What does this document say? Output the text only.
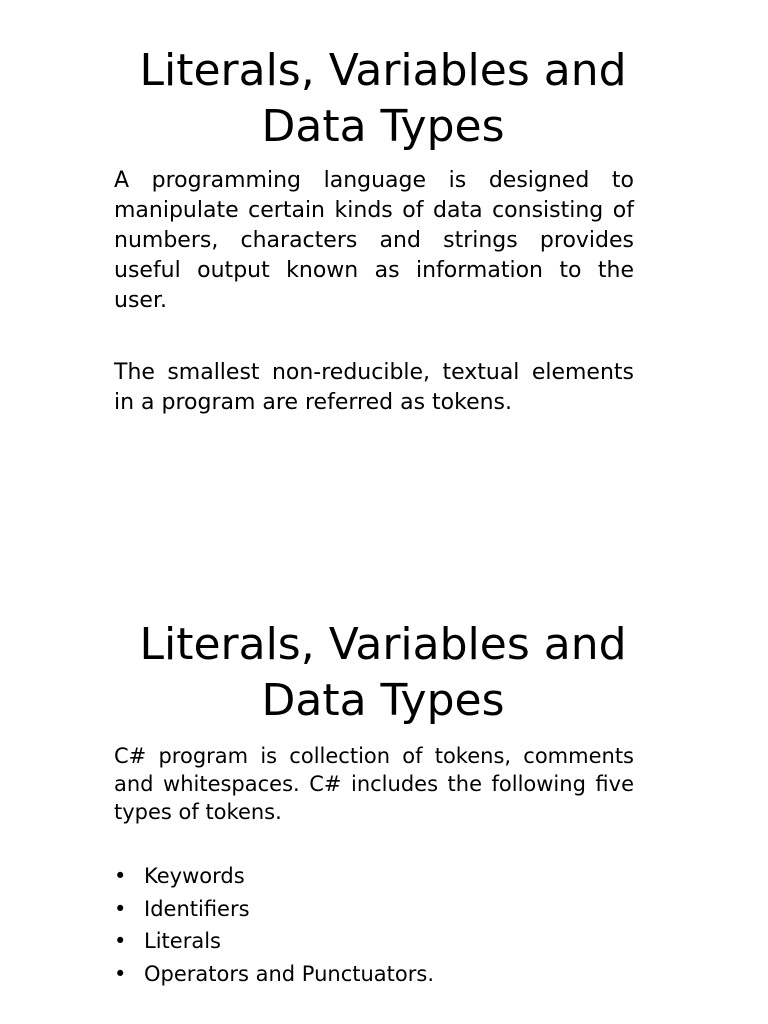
Literals, Variables and Data Types

A programming language is designed to manipulate certain kinds of data consisting of numbers, characters and strings provides useful output known as information to the user.

The smallest non-reducible, textual elements in a program are referred as tokens.

Literals, Variables and Data Types

C# program is collection of tokens, comments and whitespaces. C# includes the following five types of tokens.

• Keywords
• Identifiers
• Literals
• Operators and Punctuators.
